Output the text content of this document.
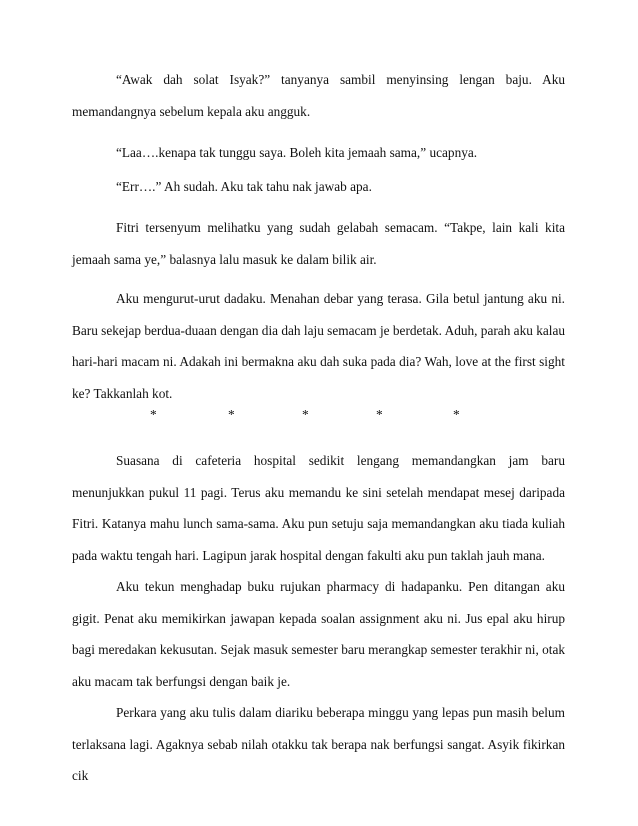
“Awak dah solat Isyak?” tanyanya sambil menyinsing lengan baju. Aku memandangnya sebelum kepala aku angguk.

“Laa….kenapa tak tunggu saya. Boleh kita jemaah sama,” ucapnya.

“Err….” Ah sudah. Aku tak tahu nak jawab apa.

Fitri tersenyum melihatku yang sudah gelabah semacam. “Takpe, lain kali kita jemaah sama ye,” balasnya lalu masuk ke dalam bilik air.

Aku mengurut-urut dadaku. Menahan debar yang terasa. Gila betul jantung aku ni. Baru sekejap berdua-duaan dengan dia dah laju semacam je berdetak. Aduh, parah aku kalau hari-hari macam ni. Adakah ini bermakna aku dah suka pada dia? Wah, love at the first sight ke? Takkanlah kot.

*	*	*	*	*

Suasana di cafeteria hospital sedikit lengang memandangkan jam baru menunjukkan pukul 11 pagi. Terus aku memandu ke sini setelah mendapat mesej daripada Fitri. Katanya mahu lunch sama-sama. Aku pun setuju saja memandangkan aku tiada kuliah pada waktu tengah hari. Lagipun jarak hospital dengan fakulti aku pun taklah jauh mana.

Aku tekun menghadap buku rujukan pharmacy di hadapanku. Pen ditangan aku gigit. Penat aku memikirkan jawapan kepada soalan assignment aku ni. Jus epal aku hirup bagi meredakan kekusutan. Sejak masuk semester baru merangkap semester terakhir ni, otak aku macam tak berfungsi dengan baik je.

Perkara yang aku tulis dalam diariku beberapa minggu yang lepas pun masih belum terlaksana lagi. Agaknya sebab nilah otakku tak berapa nak berfungsi sangat. Asyik fikirkan cik
